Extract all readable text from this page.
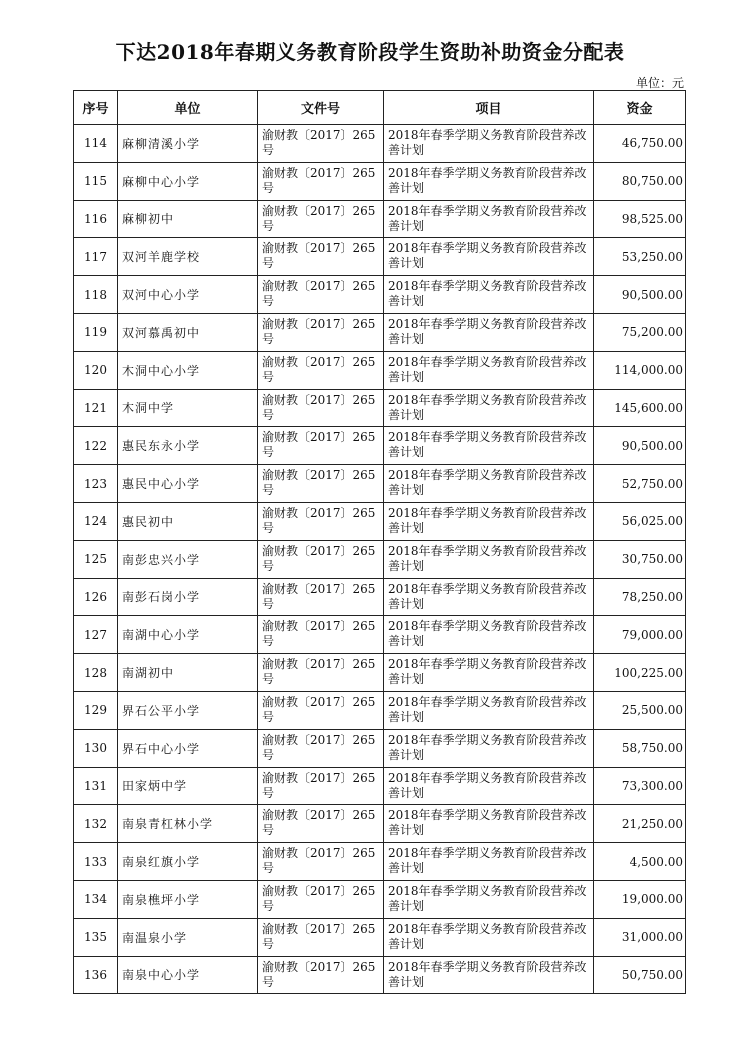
下达2018年春期义务教育阶段学生资助补助资金分配表
单位：元
序号	单位	文件号	项目	资金
114	麻柳清溪小学	渝财教〔2017〕265号	2018年春季学期义务教育阶段营养改善计划	46,750.00
115	麻柳中心小学	渝财教〔2017〕265号	2018年春季学期义务教育阶段营养改善计划	80,750.00
116	麻柳初中	渝财教〔2017〕265号	2018年春季学期义务教育阶段营养改善计划	98,525.00
117	双河羊鹿学校	渝财教〔2017〕265号	2018年春季学期义务教育阶段营养改善计划	53,250.00
118	双河中心小学	渝财教〔2017〕265号	2018年春季学期义务教育阶段营养改善计划	90,500.00
119	双河慕禹初中	渝财教〔2017〕265号	2018年春季学期义务教育阶段营养改善计划	75,200.00
120	木洞中心小学	渝财教〔2017〕265号	2018年春季学期义务教育阶段营养改善计划	114,000.00
121	木洞中学	渝财教〔2017〕265号	2018年春季学期义务教育阶段营养改善计划	145,600.00
122	惠民东永小学	渝财教〔2017〕265号	2018年春季学期义务教育阶段营养改善计划	90,500.00
123	惠民中心小学	渝财教〔2017〕265号	2018年春季学期义务教育阶段营养改善计划	52,750.00
124	惠民初中	渝财教〔2017〕265号	2018年春季学期义务教育阶段营养改善计划	56,025.00
125	南彭忠兴小学	渝财教〔2017〕265号	2018年春季学期义务教育阶段营养改善计划	30,750.00
126	南彭石岗小学	渝财教〔2017〕265号	2018年春季学期义务教育阶段营养改善计划	78,250.00
127	南湖中心小学	渝财教〔2017〕265号	2018年春季学期义务教育阶段营养改善计划	79,000.00
128	南湖初中	渝财教〔2017〕265号	2018年春季学期义务教育阶段营养改善计划	100,225.00
129	界石公平小学	渝财教〔2017〕265号	2018年春季学期义务教育阶段营养改善计划	25,500.00
130	界石中心小学	渝财教〔2017〕265号	2018年春季学期义务教育阶段营养改善计划	58,750.00
131	田家炳中学	渝财教〔2017〕265号	2018年春季学期义务教育阶段营养改善计划	73,300.00
132	南泉青杠林小学	渝财教〔2017〕265号	2018年春季学期义务教育阶段营养改善计划	21,250.00
133	南泉红旗小学	渝财教〔2017〕265号	2018年春季学期义务教育阶段营养改善计划	4,500.00
134	南泉樵坪小学	渝财教〔2017〕265号	2018年春季学期义务教育阶段营养改善计划	19,000.00
135	南温泉小学	渝财教〔2017〕265号	2018年春季学期义务教育阶段营养改善计划	31,000.00
136	南泉中心小学	渝财教〔2017〕265号	2018年春季学期义务教育阶段营养改善计划	50,750.00
